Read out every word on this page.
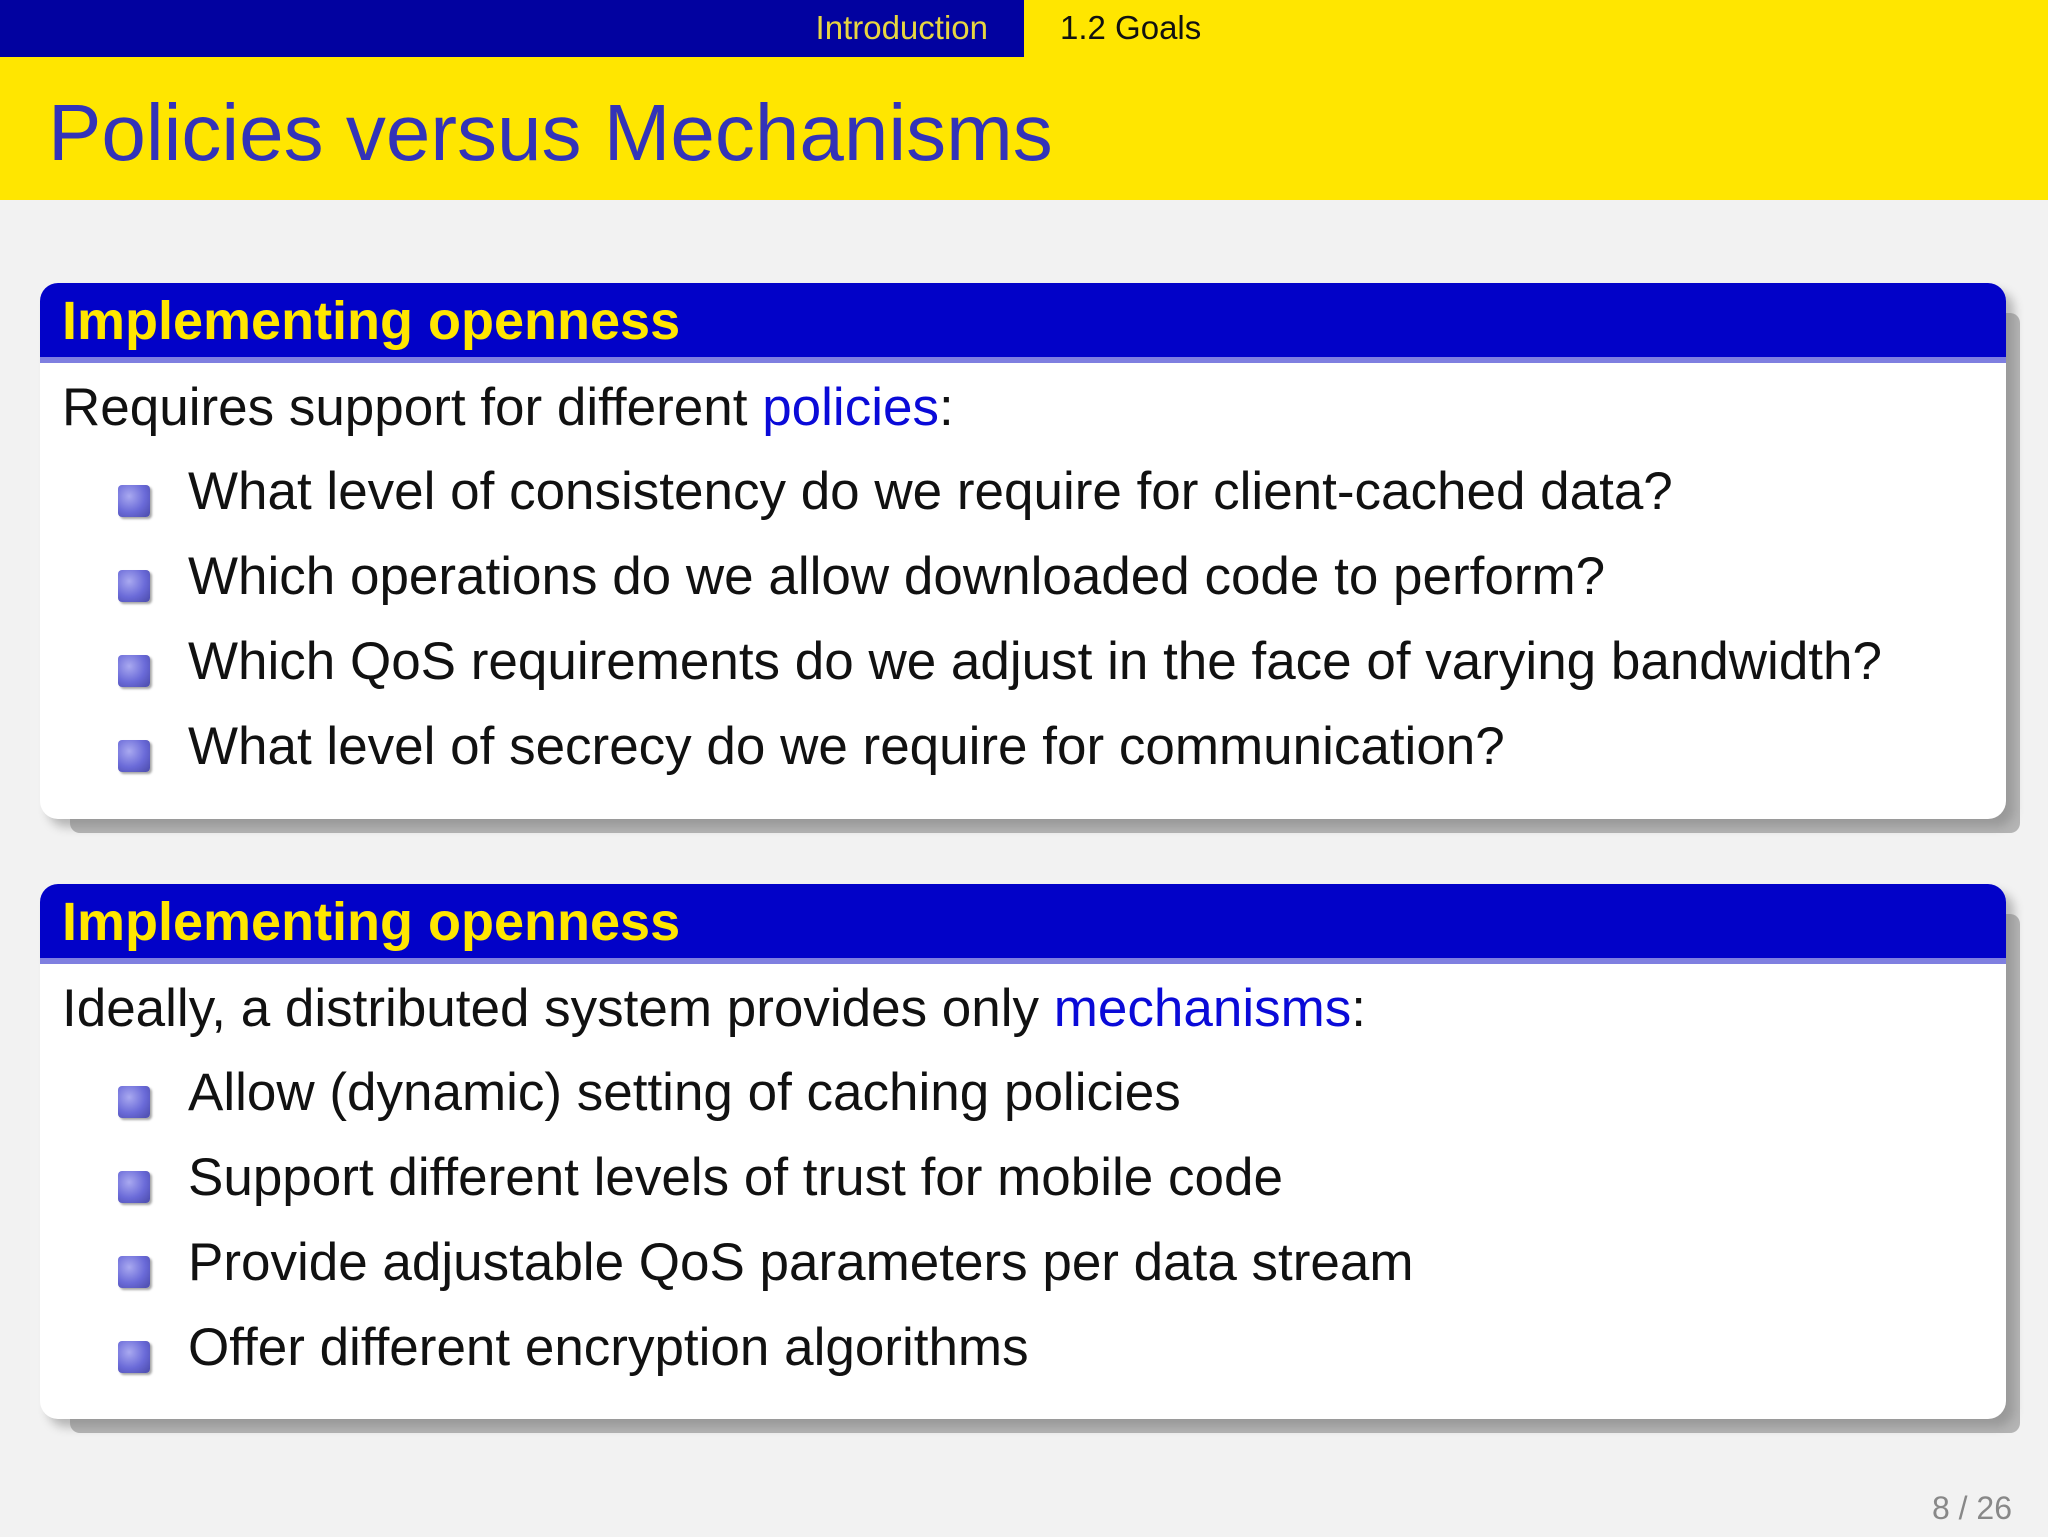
Introduction 1.2 Goals
Policies versus Mechanisms
Implementing openness
Requires support for different policies:
What level of consistency do we require for client-cached data?
Which operations do we allow downloaded code to perform?
Which QoS requirements do we adjust in the face of varying bandwidth?
What level of secrecy do we require for communication?
Implementing openness
Ideally, a distributed system provides only mechanisms:
Allow (dynamic) setting of caching policies
Support different levels of trust for mobile code
Provide adjustable QoS parameters per data stream
Offer different encryption algorithms
8 / 26
